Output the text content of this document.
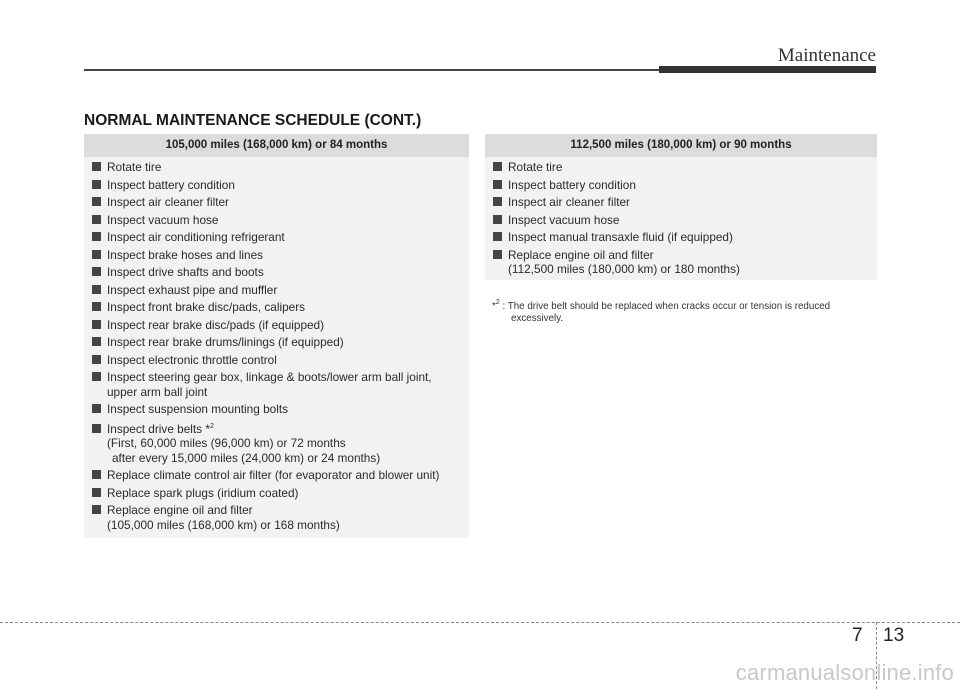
Maintenance
NORMAL MAINTENANCE SCHEDULE (CONT.)
105,000 miles (168,000 km) or 84 months
Rotate tire
Inspect battery condition
Inspect air cleaner filter
Inspect vacuum hose
Inspect air conditioning refrigerant
Inspect brake hoses and lines
Inspect drive shafts and boots
Inspect exhaust pipe and muffler
Inspect front brake disc/pads, calipers
Inspect rear brake disc/pads (if equipped)
Inspect rear brake drums/linings (if equipped)
Inspect electronic throttle control
Inspect steering gear box, linkage & boots/lower arm ball joint,
upper arm ball joint
Inspect suspension mounting bolts
Inspect drive belts *$^2$
(First, 60,000 miles (96,000 km) or 72 months
after every 15,000 miles (24,000 km) or 24 months)
Replace climate control air filter (for evaporator and blower unit)
Replace spark plugs (iridium coated)
Replace engine oil and filter
(105,000 miles (168,000 km) or 168 months)
112,500 miles (180,000 km) or 90 months
Rotate tire
Inspect battery condition
Inspect air cleaner filter
Inspect vacuum hose
Inspect manual transaxle fluid (if equipped)
Replace engine oil and filter
(112,500 miles (180,000 km) or 180 months)
*$^2$ : The drive belt should be replaced when cracks occur or tension is reduced
excessively.
7 13
carmanualsonline.info
